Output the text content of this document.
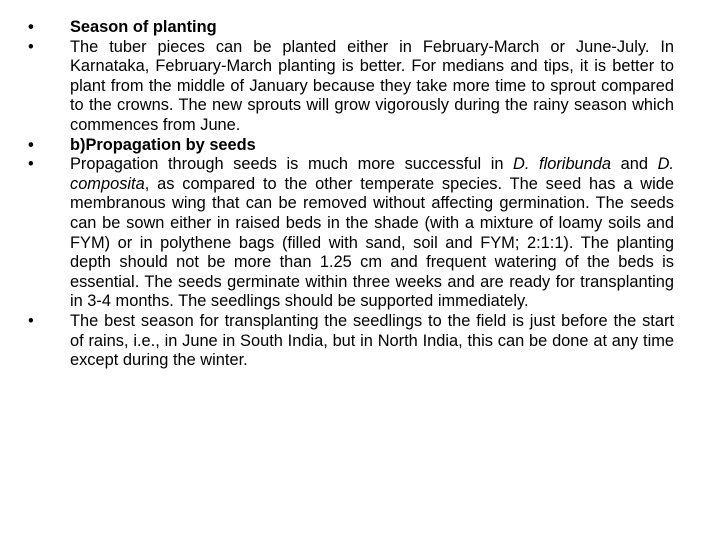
•	Season of planting
•	The tuber pieces can be planted either in February-March or June-July. In Karnataka, February-March planting is better. For medians and tips, it is better to plant from the middle of January because they take more time to sprout compared to the crowns. The new sprouts will grow vigorously during the rainy season which commences from June.
•	b)Propagation by seeds
•	Propagation through seeds is much more successful in D. floribunda and D. composita, as compared to the other temperate species. The seed has a wide membranous wing that can be removed without affecting germination. The seeds can be sown either in raised beds in the shade (with a mixture of loamy soils and FYM) or in polythene bags (filled with sand, soil and FYM; 2:1:1). The planting depth should not be more than 1.25 cm and frequent watering of the beds is essential. The seeds germinate within three weeks and are ready for transplanting in 3-4 months. The seedlings should be supported immediately.
•	The best season for transplanting the seedlings to the field is just before the start of rains, i.e., in June in South India, but in North India, this can be done at any time except during the winter.
